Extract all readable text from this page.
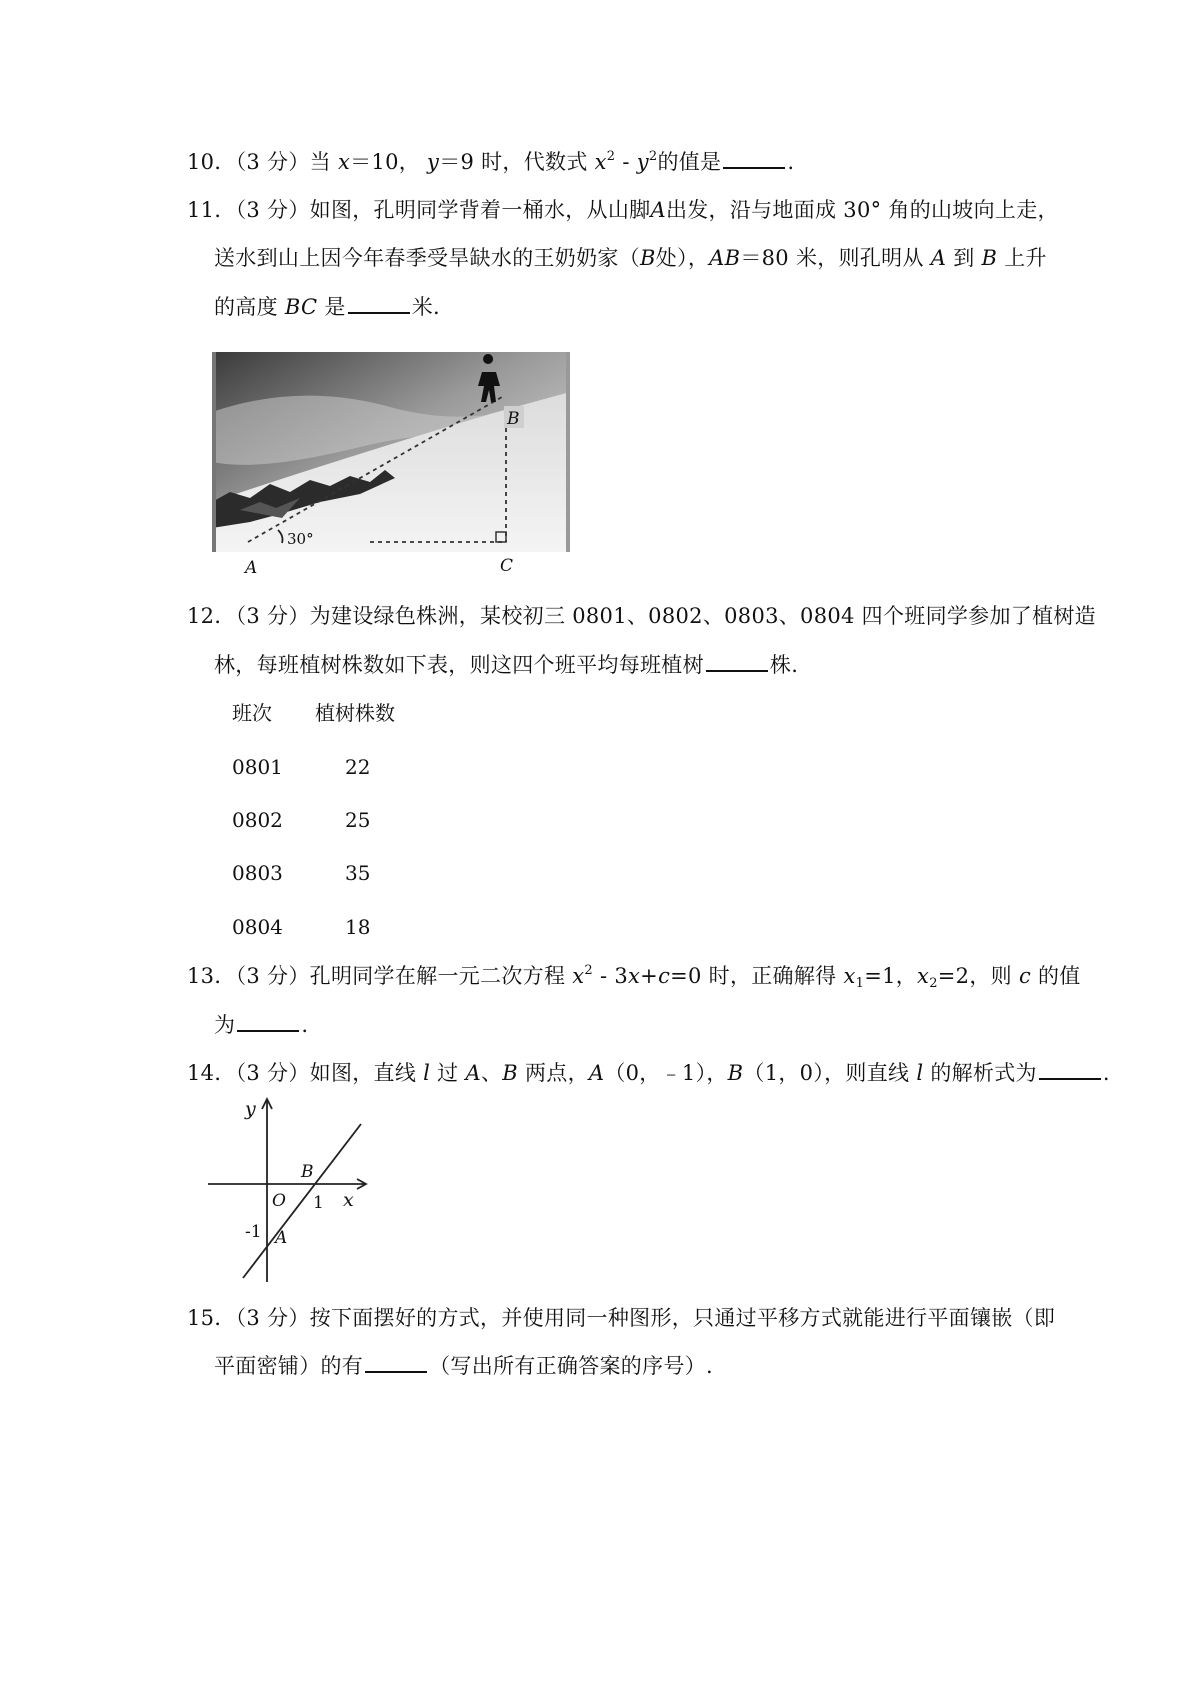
10．（3 分）当 x＝10， y＝9 时，代数式 $x^2 - y^2$的值是	.
11．（3 分）如图，孔明同学背着一桶水，从山脚A出发，沿与地面成 30° 角的山坡向上走，
送水到山上因今年春季受旱缺水的王奶奶家（B处），AB＝80 米，则孔明从 A 到 B 上升
的高度 BC 是	米.
B
30°
A	C
12．（3 分）为建设绿色株洲，某校初三 0801、0802、0803、0804 四个班同学参加了植树造
林，每班植树株数如下表，则这四个班平均每班植树	株.
班次 植树株数
0801	22
0802	25
0803	35
0804	18
13．（3 分）孔明同学在解一元二次方程 $x^2 - 3x+c=0$ 时，正确解得 $x_1=1$，$x_2=2$，则 c 的值
为	.
14．（3 分）如图，直线 l 过 A、B 两点，A（0，﹣1），B（1，0），则直线 l 的解析式为	.
y
x
O 1
-1
B
A
15．（3 分）按下面摆好的方式，并使用同一种图形，只通过平移方式就能进行平面镶嵌（即
平面密铺）的有	（写出所有正确答案的序号）.
